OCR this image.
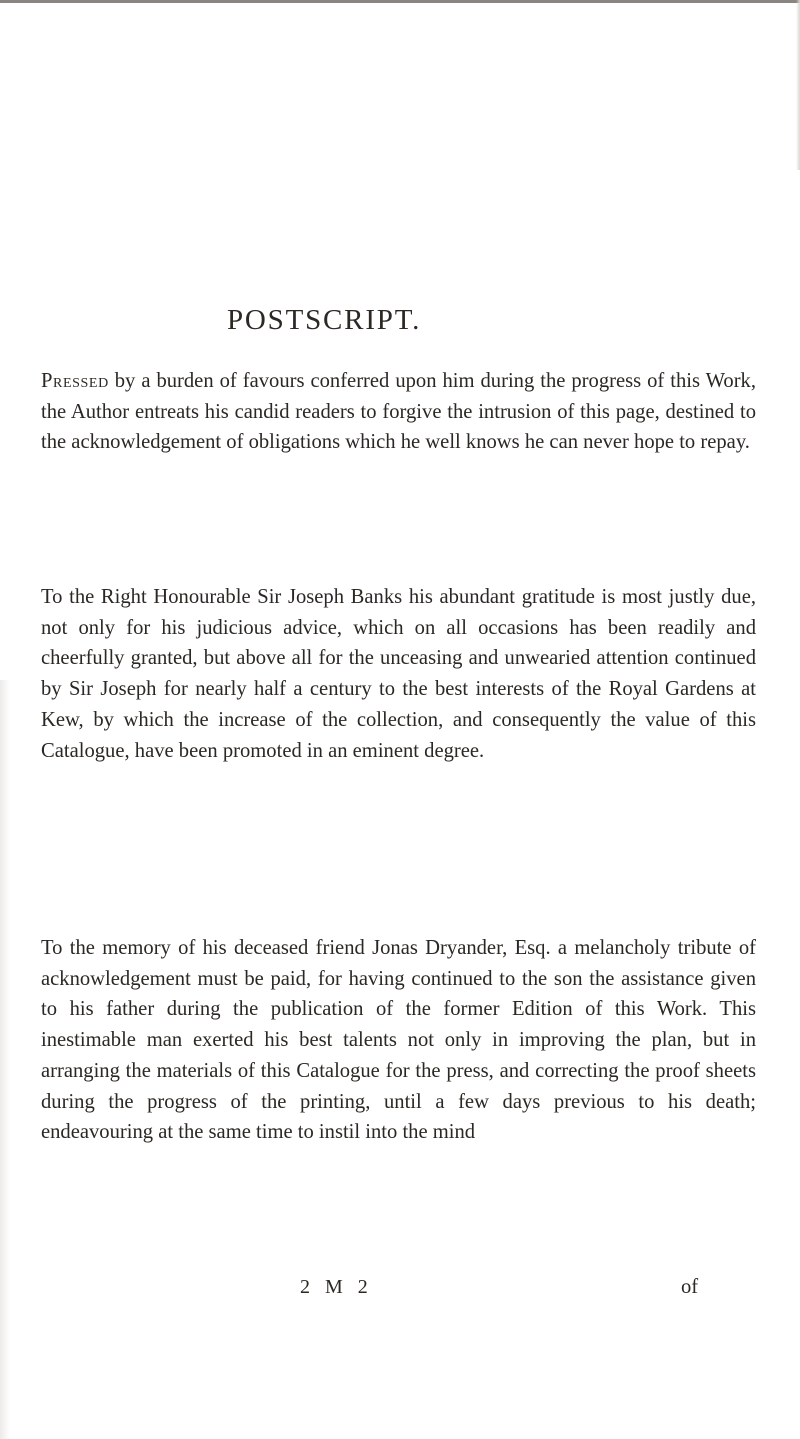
POSTSCRIPT.

Pressed by a burden of favours conferred upon him during the progress of this Work, the Author entreats his candid readers to forgive the intrusion of this page, destined to the acknowledgement of obligations which he well knows he can never hope to repay.

To the Right Honourable Sir Joseph Banks his abundant gratitude is most justly due, not only for his judicious advice, which on all occasions has been readily and cheerfully granted, but above all for the unceasing and unwearied attention continued by Sir Joseph for nearly half a century to the best interests of the Royal Gardens at Kew, by which the increase of the collection, and consequently the value of this Catalogue, have been promoted in an eminent degree.

To the memory of his deceased friend Jonas Dryander, Esq. a melancholy tribute of acknowledgement must be paid, for having continued to the son the assistance given to his father during the publication of the former Edition of this Work. This inestimable man exerted his best talents not only in improving the plan, but in arranging the materials of this Catalogue for the press, and correcting the proof sheets during the progress of the printing, until a few days previous to his death; endeavouring at the same time to instil into the mind

2 M 2	of
